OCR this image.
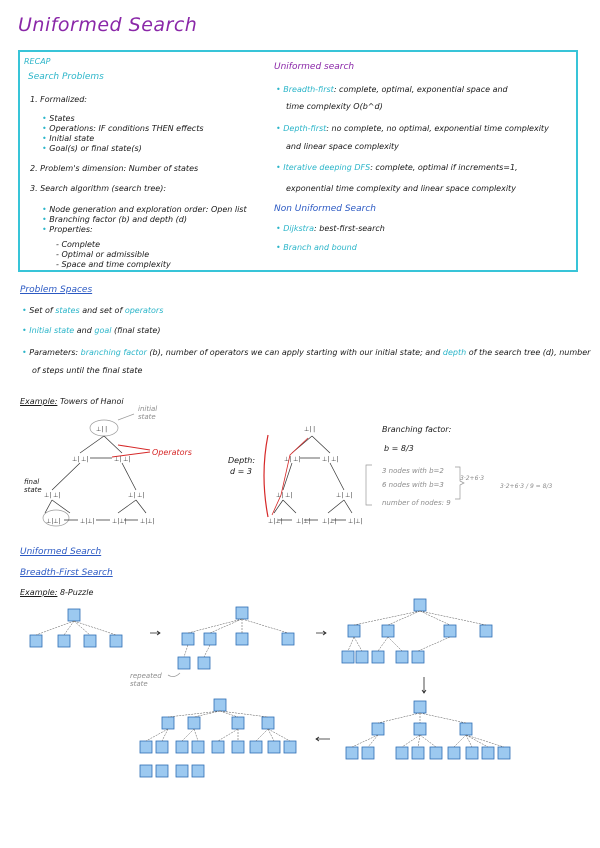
Uniformed Search
RECAP
Search Problems
1. Formalized:
• States
• Operations: IF conditions THEN effects
• Initial state
• Goal(s) or final state(s)
2. Problem's dimension: Number of states
3. Search algorithm (search tree):
• Node generation and exploration order: Open list
• Branching factor (b) and depth (d)
• Properties:
- Complete
- Optimal or admissible
- Space and time complexity
Uniformed search
• Breadth-first: complete, optimal, exponential space and
time complexity O(b^d)
• Depth-first: no complete, no optimal, exponential time complexity
and linear space complexity
• Iterative deeping DFS: complete, optimal if increments=1,
exponential time complexity and linear space complexity
Non Uniformed Search
• Dijkstra: best-first-search
• Branch and bound
Problem Spaces
• Set of states and set of operators
• Initial state and goal (final state)
• Parameters: branching factor (b), number of operators we can apply starting with our initial state; and depth of the search tree (d), number
of steps until the final state
Example: Towers of Hanoi
⊥| |
⊥| ⊥|	⊥| ⊥|
⊥| ⊥|	⊥| ⊥|
⊥|⊥|	⊥|⊥|	⊥|⊥| ⊥|⊥|
⊥| |
⊥| ⊥|	⊥| ⊥|
⊥| ⊥|	⊥| ⊥|
⊥|⊥| ⊥|⊥| ⊥|⊥| ⊥|⊥|
initial state
Operators
final state
Depth:
d = 3
Branching factor:
b = 8/3
3 nodes with b=2
6 nodes with b=3
number of nodes: 9
3·2+6·3
3·2+6·3 / 9 = 8/3
Uniformed Search
Breadth-First Search
Example: 8-Puzzle
repeated state
